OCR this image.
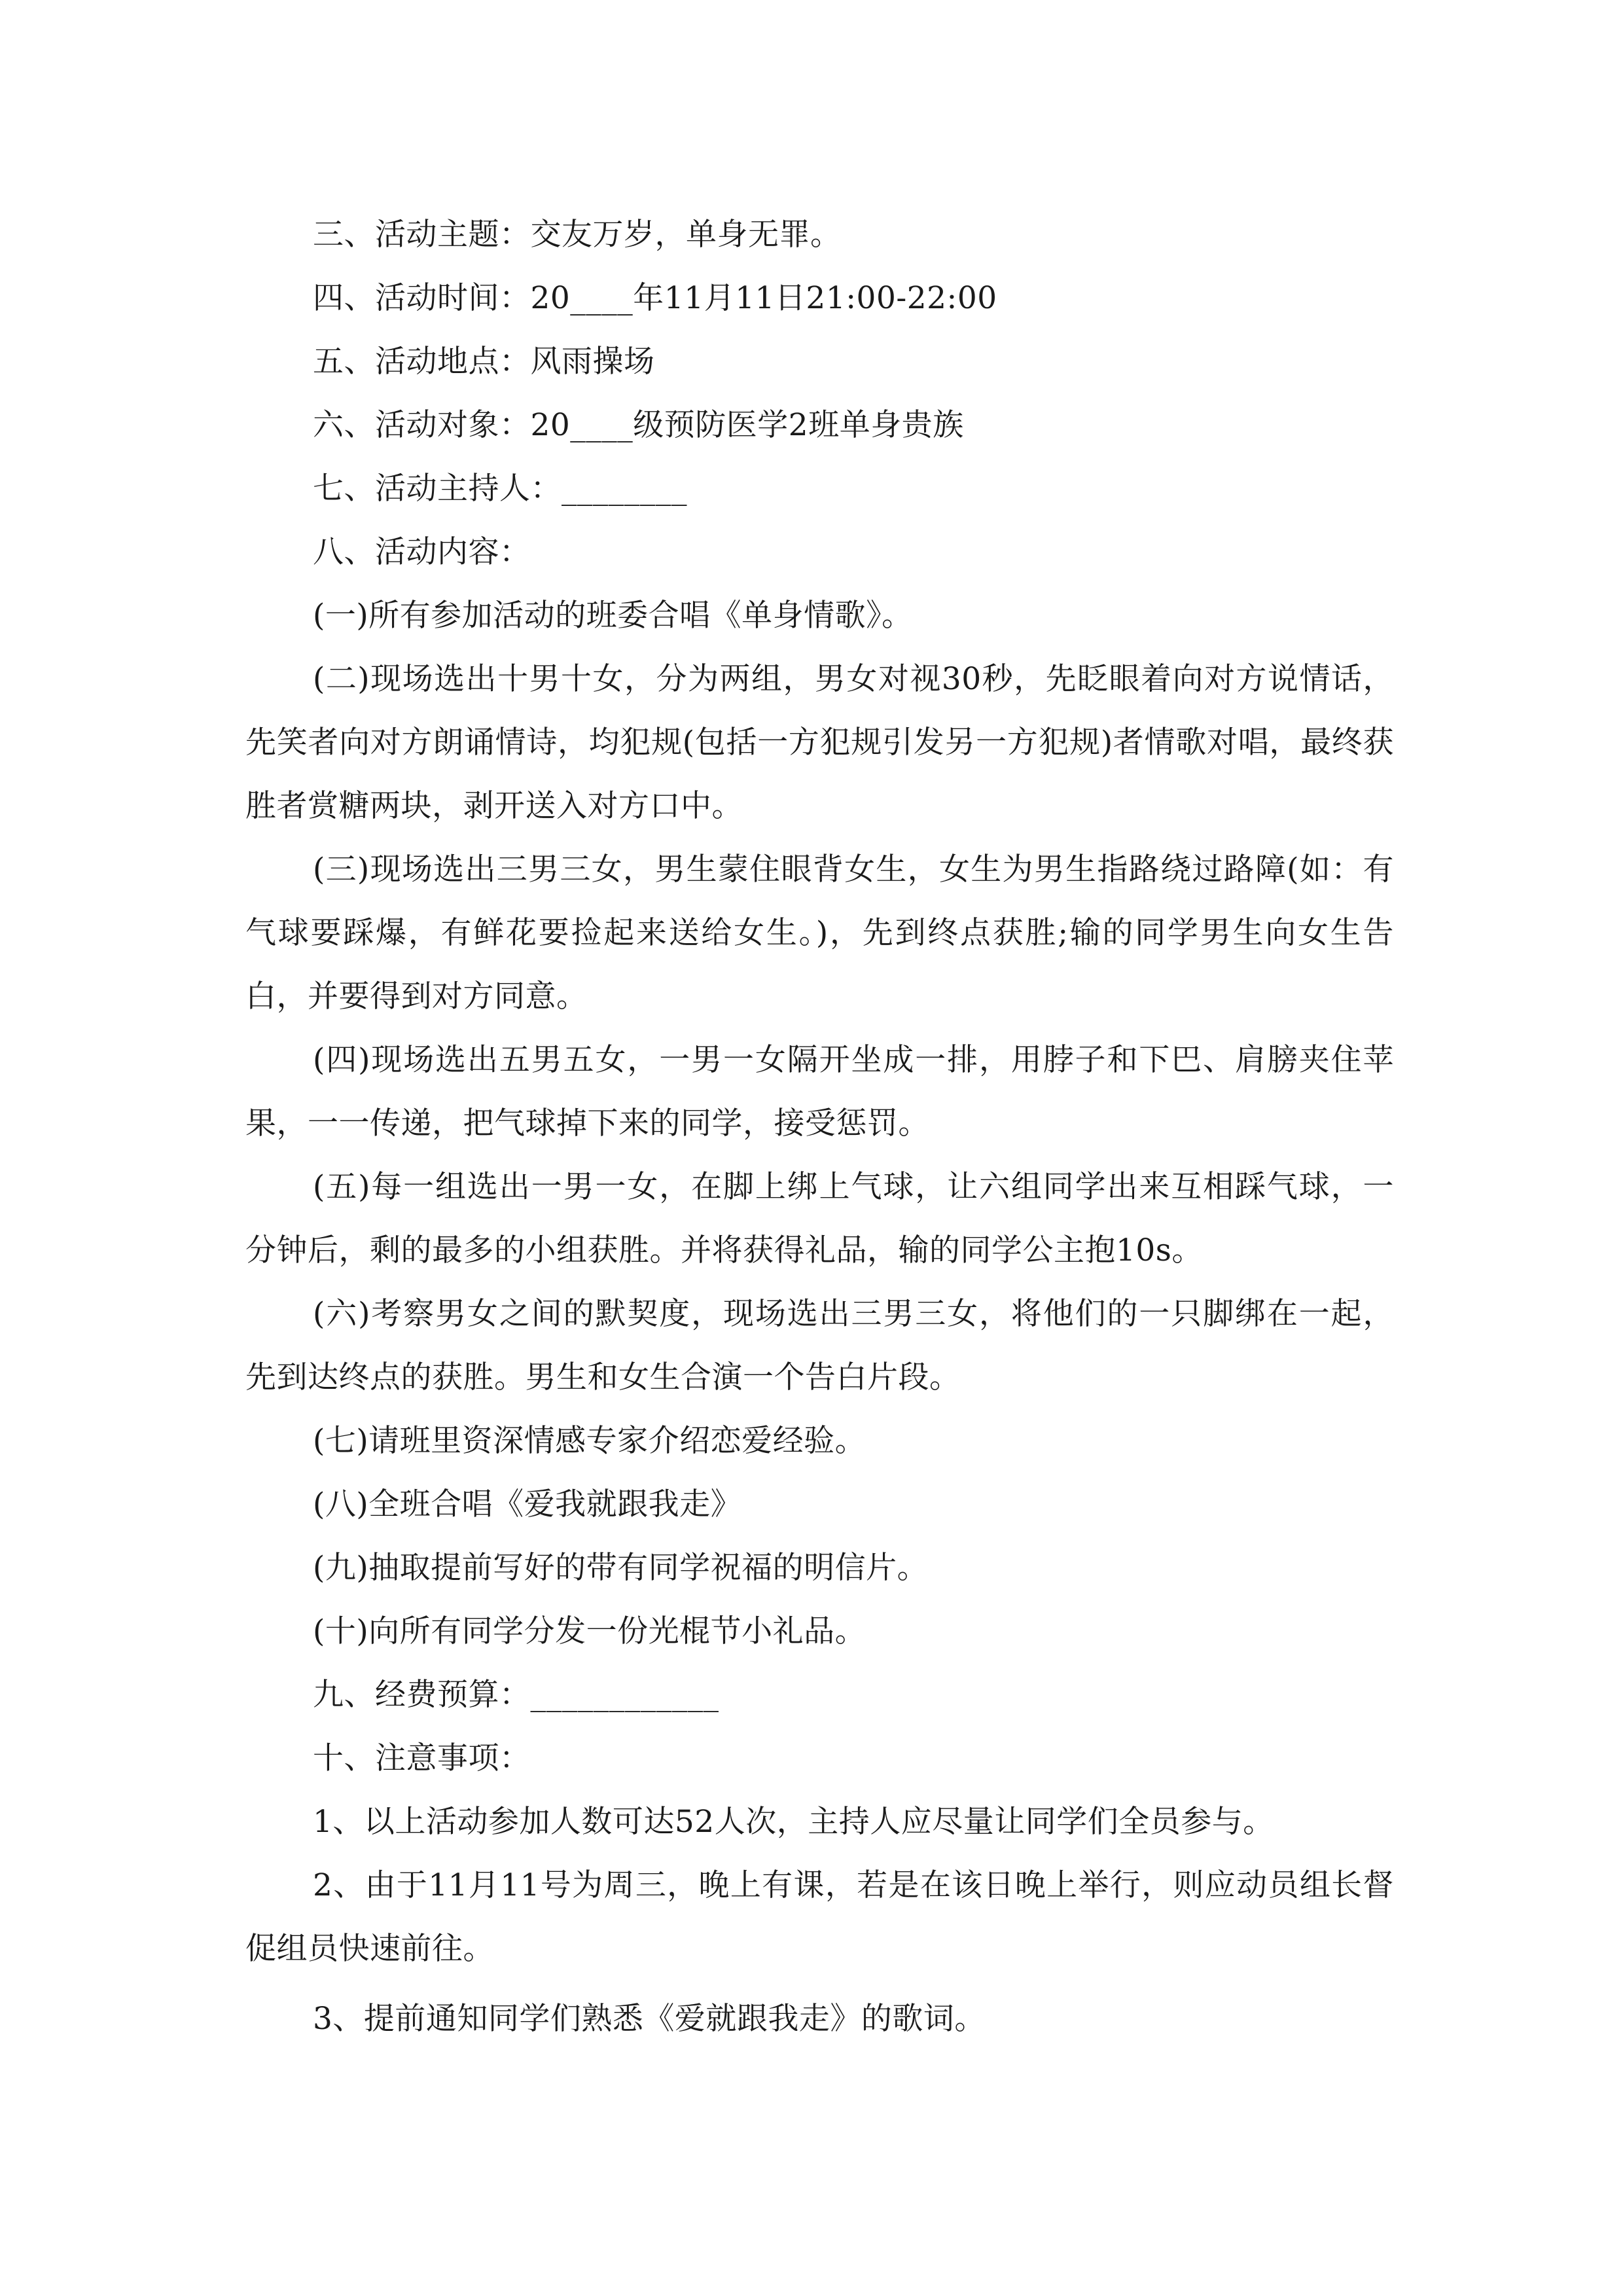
三、活动主题：交友万岁，单身无罪。
四、活动时间：20____年11月11日21:00-22:00
五、活动地点：风雨操场
六、活动对象：20____级预防医学2班单身贵族
七、活动主持人：________
八、活动内容：
(一)所有参加活动的班委合唱《单身情歌》。

(二)现场选出十男十女，分为两组，男女对视30秒，先眨眼着向对方说情话，先笑者向对方朗诵情诗，均犯规(包括一方犯规引发另一方犯规)者情歌对唱，最终获胜者赏糖两块，剥开送入对方口中。

(三)现场选出三男三女，男生蒙住眼背女生，女生为男生指路绕过路障(如：有气球要踩爆，有鲜花要捡起来送给女生。)，先到终点获胜;输的同学男生向女生告白，并要得到对方同意。

(四)现场选出五男五女，一男一女隔开坐成一排，用脖子和下巴、肩膀夹住苹果，一一传递，把气球掉下来的同学，接受惩罚。

(五)每一组选出一男一女，在脚上绑上气球，让六组同学出来互相踩气球，一分钟后，剩的最多的小组获胜。并将获得礼品，输的同学公主抱10s。

(六)考察男女之间的默契度，现场选出三男三女，将他们的一只脚绑在一起，先到达终点的获胜。男生和女生合演一个告白片段。

(七)请班里资深情感专家介绍恋爱经验。
(八)全班合唱《爱我就跟我走》
(九)抽取提前写好的带有同学祝福的明信片。
(十)向所有同学分发一份光棍节小礼品。
九、经费预算：____________
十、注意事项：
1、以上活动参加人数可达52人次，主持人应尽量让同学们全员参与。

2、由于11月11号为周三，晚上有课，若是在该日晚上举行，则应动员组长督促组员快速前往。

3、提前通知同学们熟悉《爱就跟我走》的歌词。
